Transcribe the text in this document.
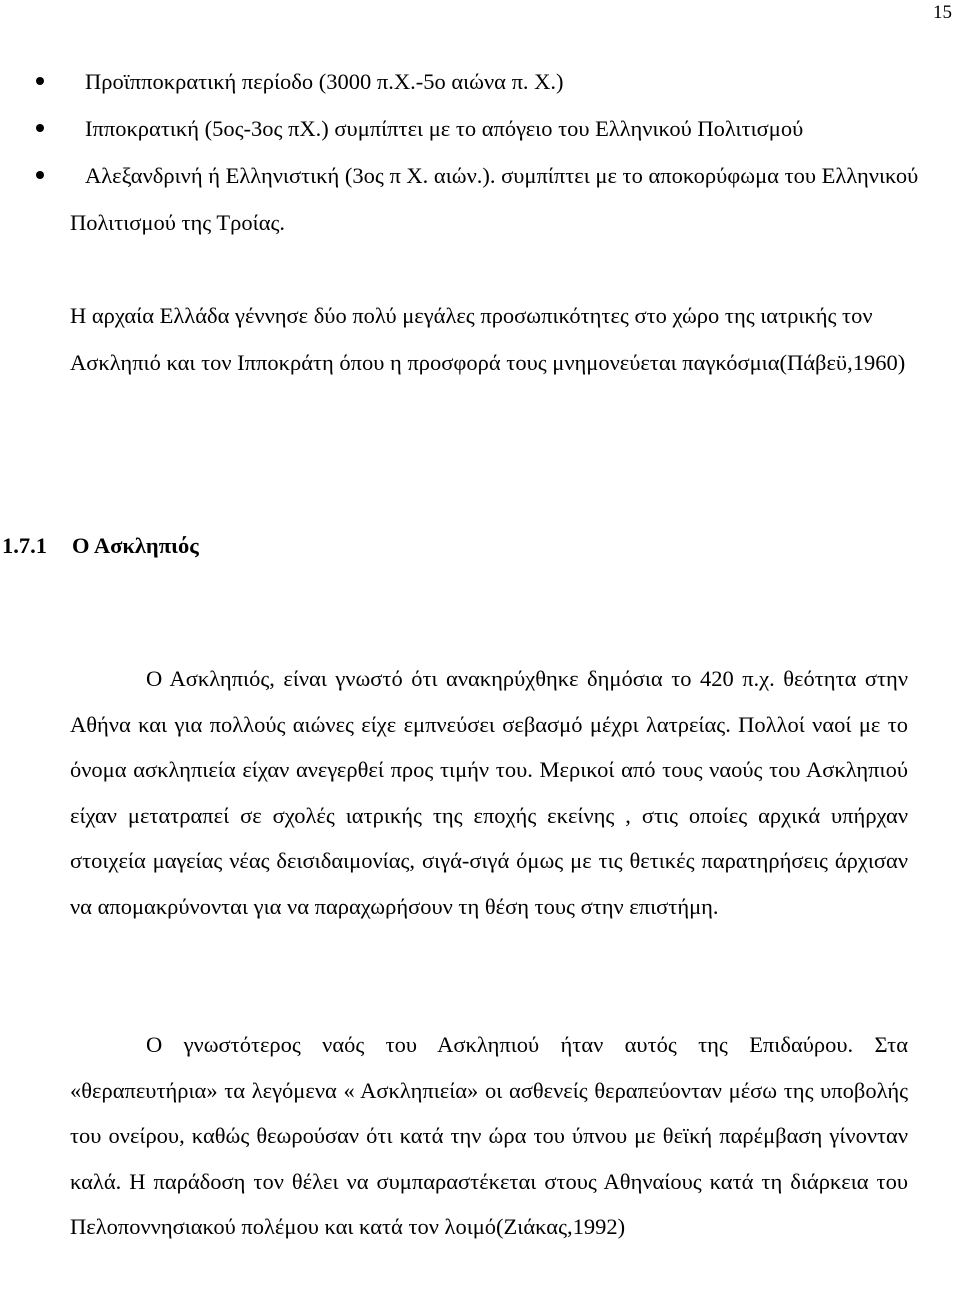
15
Προϊπποκρατική περίοδο (3000 π.Χ.-5ο αιώνα π. Χ.)
Ιπποκρατική (5ος-3ος πΧ.) συμπίπτει με το απόγειο του Ελληνικού Πολιτισμού
Αλεξανδρινή ή Ελληνιστική (3ος π Χ. αιών.). συμπίπτει με το αποκορύφωμα του Ελληνικού Πολιτισμού της Τροίας.

Η αρχαία Ελλάδα γέννησε δύο πολύ μεγάλες προσωπικότητες στο χώρο της ιατρικής τον Ασκληπιό και τον Ιπποκράτη όπου η προσφορά τους μνημονεύεται παγκόσμια(Πάβεϋ,1960)

1.7.1 Ο Ασκληπιός

Ο Ασκληπιός, είναι γνωστό ότι ανακηρύχθηκε δημόσια το 420 π.χ. θεότητα στην Αθήνα και για πολλούς αιώνες είχε εμπνεύσει σεβασμό μέχρι λατρείας. Πολλοί ναοί με το όνομα ασκληπιεία είχαν ανεγερθεί προς τιμήν του. Μερικοί από τους ναούς του Ασκληπιού είχαν μετατραπεί σε σχολές ιατρικής της εποχής εκείνης , στις οποίες αρχικά υπήρχαν στοιχεία μαγείας νέας δεισιδαιμονίας, σιγά-σιγά όμως με τις θετικές παρατηρήσεις άρχισαν να απομακρύνονται για να παραχωρήσουν τη θέση τους στην επιστήμη.

Ο γνωστότερος ναός του Ασκληπιού ήταν αυτός της Επιδαύρου. Στα «θεραπευτήρια» τα λεγόμενα « Ασκληπιεία» οι ασθενείς θεραπεύονταν μέσω της υποβολής του ονείρου, καθώς θεωρούσαν ότι κατά την ώρα του ύπνου με θεϊκή παρέμβαση γίνονταν καλά. Η παράδοση τον θέλει να συμπαραστέκεται στους Αθηναίους κατά τη διάρκεια του Πελοποννησιακού πολέμου και κατά τον λοιμό(Ζιάκας,1992)
